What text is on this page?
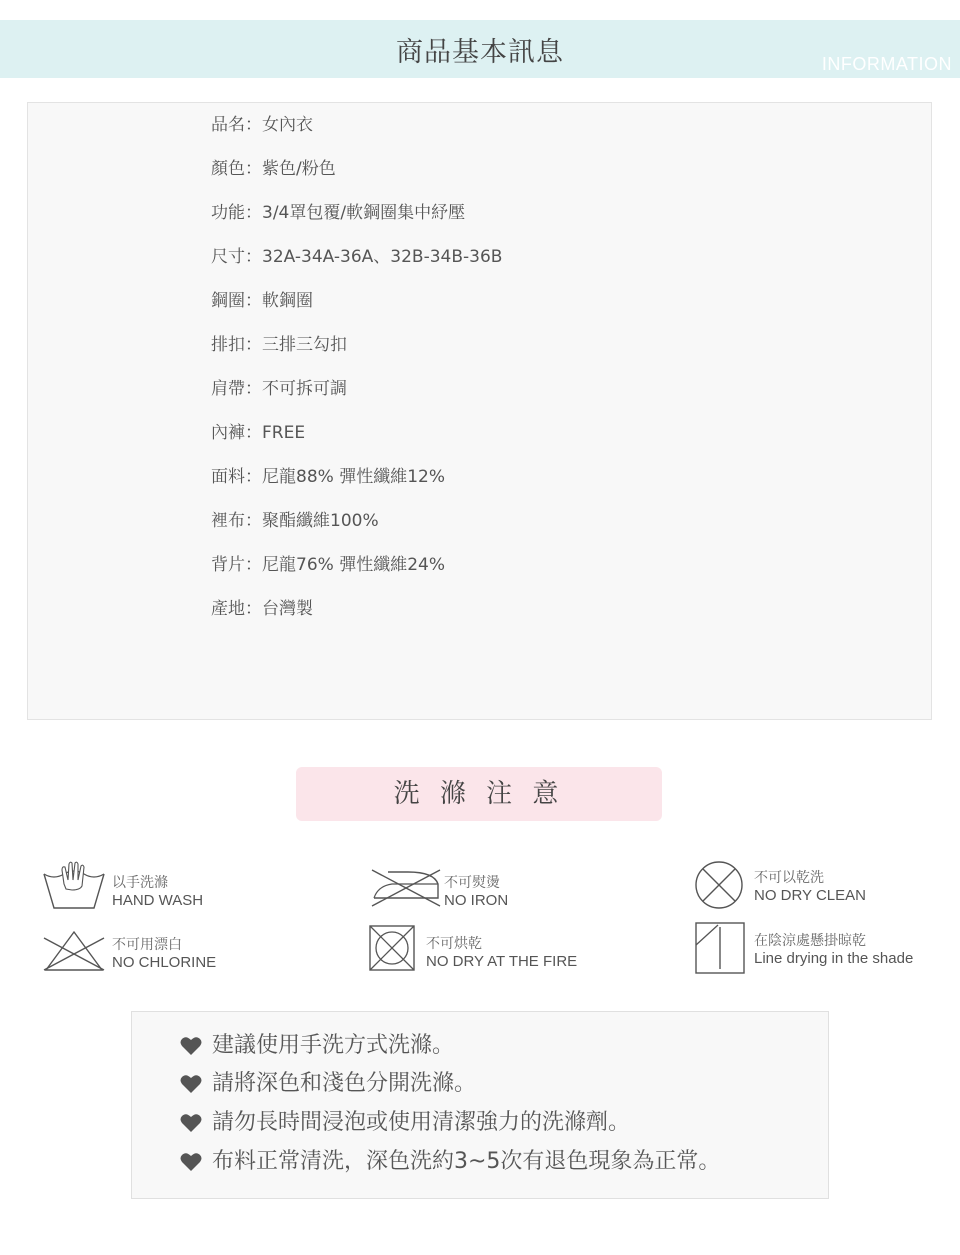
商品基本訊息	INFORMATION
品名：女內衣
顏色：紫色/粉色
功能：3/4罩包覆/軟鋼圈集中紓壓
尺寸：32A-34A-36A、32B-34B-36B
鋼圈：軟鋼圈
排扣：三排三勾扣
肩帶：不可拆可調
內褲：FREE
面料：尼龍88% 彈性纖維12%
裡布：聚酯纖維100%
背片：尼龍76% 彈性纖維24%
產地：台灣製
洗 滌 注 意
以手洗滌
HAND WASH
不可熨燙
NO IRON
不可以乾洗
NO DRY CLEAN
不可用漂白
NO CHLORINE
不可烘乾
NO DRY AT THE FIRE
在陰涼處懸掛晾乾
Line drying in the shade
建議使用手洗方式洗滌。
請將深色和淺色分開洗滌。
請勿長時間浸泡或使用清潔強力的洗滌劑。
布料正常清洗，深色洗約3~5次有退色現象為正常。
